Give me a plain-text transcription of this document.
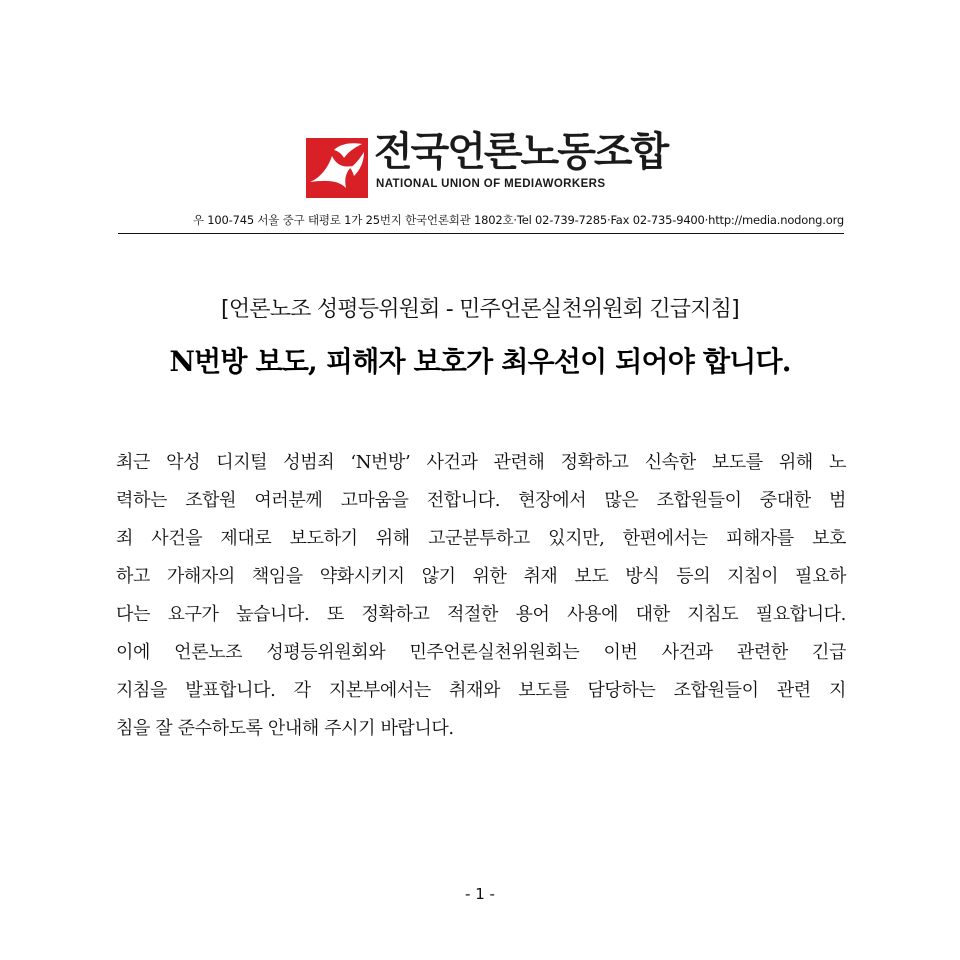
전국언론노동조합
NATIONAL UNION OF MEDIAWORKERS
우 100-745 서울 중구 태평로 1가 25번지 한국언론회관 1802호·Tel 02-739-7285·Fax 02-735-9400·http://media.nodong.org
[언론노조 성평등위원회 - 민주언론실천위원회 긴급지침]
N번방 보도, 피해자 보호가 최우선이 되어야 합니다.
최근 악성 디지털 성범죄 ‘N번방’ 사건과 관련해 정확하고 신속한 보도를 위해 노
력하는 조합원 여러분께 고마움을 전합니다. 현장에서 많은 조합원들이 중대한 범
죄 사건을 제대로 보도하기 위해 고군분투하고 있지만, 한편에서는 피해자를 보호
하고 가해자의 책임을 약화시키지 않기 위한 취재 보도 방식 등의 지침이 필요하
다는 요구가 높습니다. 또 정확하고 적절한 용어 사용에 대한 지침도 필요합니다.
이에 언론노조 성평등위원회와 민주언론실천위원회는 이번 사건과 관련한 긴급
지침을 발표합니다. 각 지본부에서는 취재와 보도를 담당하는 조합원들이 관련 지
침을 잘 준수하도록 안내해 주시기 바랍니다.
- 1 -
